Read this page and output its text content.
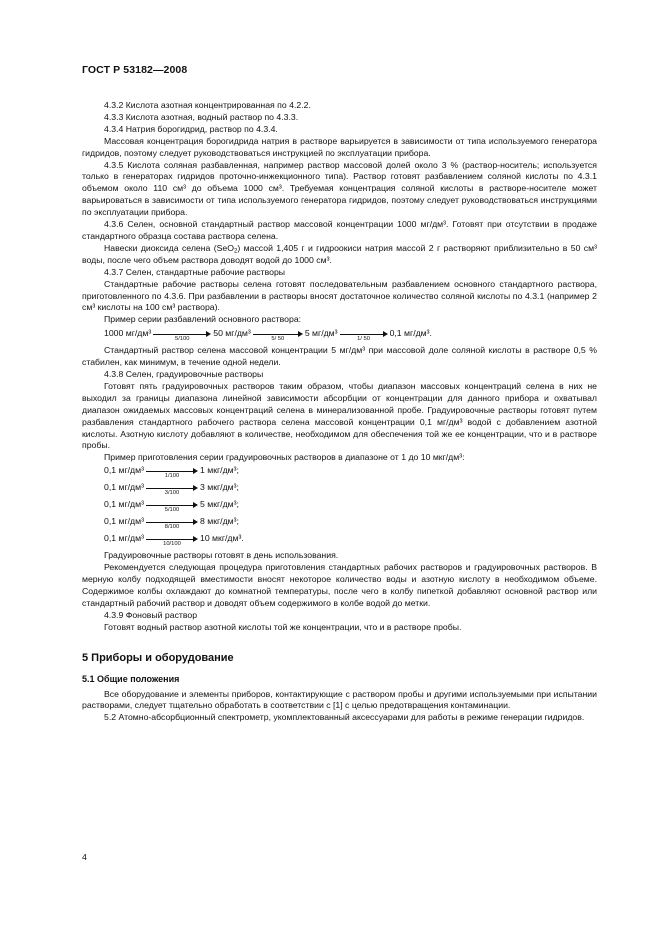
ГОСТ Р 53182—2008

4.3.2 Кислота азотная концентрированная по 4.2.2.

4.3.3 Кислота азотная, водный раствор по 4.3.3.

4.3.4 Натрия борогидрид, раствор по 4.3.4.

Массовая концентрация борогидрида натрия в растворе варьируется в зависимости от типа используемого генератора гидридов, поэтому следует руководствоваться инструкцией по эксплуатации прибора.

4.3.5 Кислота соляная разбавленная, например раствор массовой долей около 3 % (раствор-носитель; используется только в генераторах гидридов проточно-инжекционного типа). Раствор готовят разбавлением соляной кислоты по 4.3.1 объемом около 110 см³ до объема 1000 см³. Требуемая концентрация соляной кислоты в растворе-носителе может варьироваться в зависимости от типа используемого генератора гидридов, поэтому следует руководствоваться инструкциями по эксплуатации прибора.

4.3.6 Селен, основной стандартный раствор массовой концентрации 1000 мг/дм³. Готовят при отсутствии в продаже стандартного образца состава раствора селена.

Навески диоксида селена (SeO$_2$) массой 1,405 г и гидроокиси натрия массой 2 г растворяют приблизительно в 50 см³ воды, после чего объем раствора доводят водой до 1000 см³.

4.3.7 Селен, стандартные рабочие растворы

Стандартные рабочие растворы селена готовят последовательным разбавлением основного стандартного раствора, приготовленного по 4.3.6. При разбавлении в растворы вносят достаточное количество соляной кислоты по 4.3.1 (например 2 см³ кислоты на 100 см³ раствора).

Пример серии разбавлений основного раствора:

1000 мг/дм³
5/100
50 мг/дм³
5/ 50
5 мг/дм³
1/ 50
0,1 мг/дм³.

Стандартный раствор селена массовой концентрации 5 мг/дм³ при массовой доле соляной кислоты в растворе 0,5 % стабилен, как минимум, в течение одной недели.

4.3.8 Селен, градуировочные растворы

Готовят пять градуировочных растворов таким образом, чтобы диапазон массовых концентраций селена в них не выходил за границы диапазона линейной зависимости абсорбции от концентрации для данного прибора и охватывал диапазон ожидаемых массовых концентраций селена в минерализованной пробе. Градуировочные растворы готовят путем разбавления стандартного рабочего раствора селена массовой концентрации 0,1 мг/дм³ водой с добавлением азотной кислоты. Азотную кислоту добавляют в количестве, необходимом для обеспечения той же ее концентрации, что и в растворе пробы.

Пример приготовления серии градуировочных растворов в диапазоне от 1 до 10 мкг/дм³:

0,1 мг/дм³
1/100
1 мкг/дм³;
0,1 мг/дм³
3/100
3 мкг/дм³;
0,1 мг/дм³
5/100
5 мкг/дм³;
0,1 мг/дм³
8/100
8 мкг/дм³;
0,1 мг/дм³
10/100
10 мкг/дм³.

Градуировочные растворы готовят в день использования.

Рекомендуется следующая процедура приготовления стандартных рабочих растворов и градуировочных растворов. В мерную колбу подходящей вместимости вносят некоторое количество воды и азотную кислоту в необходимом объеме. Содержимое колбы охлаждают до комнатной температуры, после чего в колбу пипеткой добавляют основной раствор или стандартный рабочий раствор и доводят объем содержимого в колбе водой до метки.

4.3.9 Фоновый раствор

Готовят водный раствор азотной кислоты той же концентрации, что и в растворе пробы.

5 Приборы и оборудование

5.1 Общие положения

Все оборудование и элементы приборов, контактирующие с раствором пробы и другими используемыми при испытании растворами, следует тщательно обработать в соответствии с [1] с целью предотвращения контаминации.

5.2 Атомно-абсорбционный спектрометр, укомплектованный аксессуарами для работы в режиме генерации гидридов.

4
